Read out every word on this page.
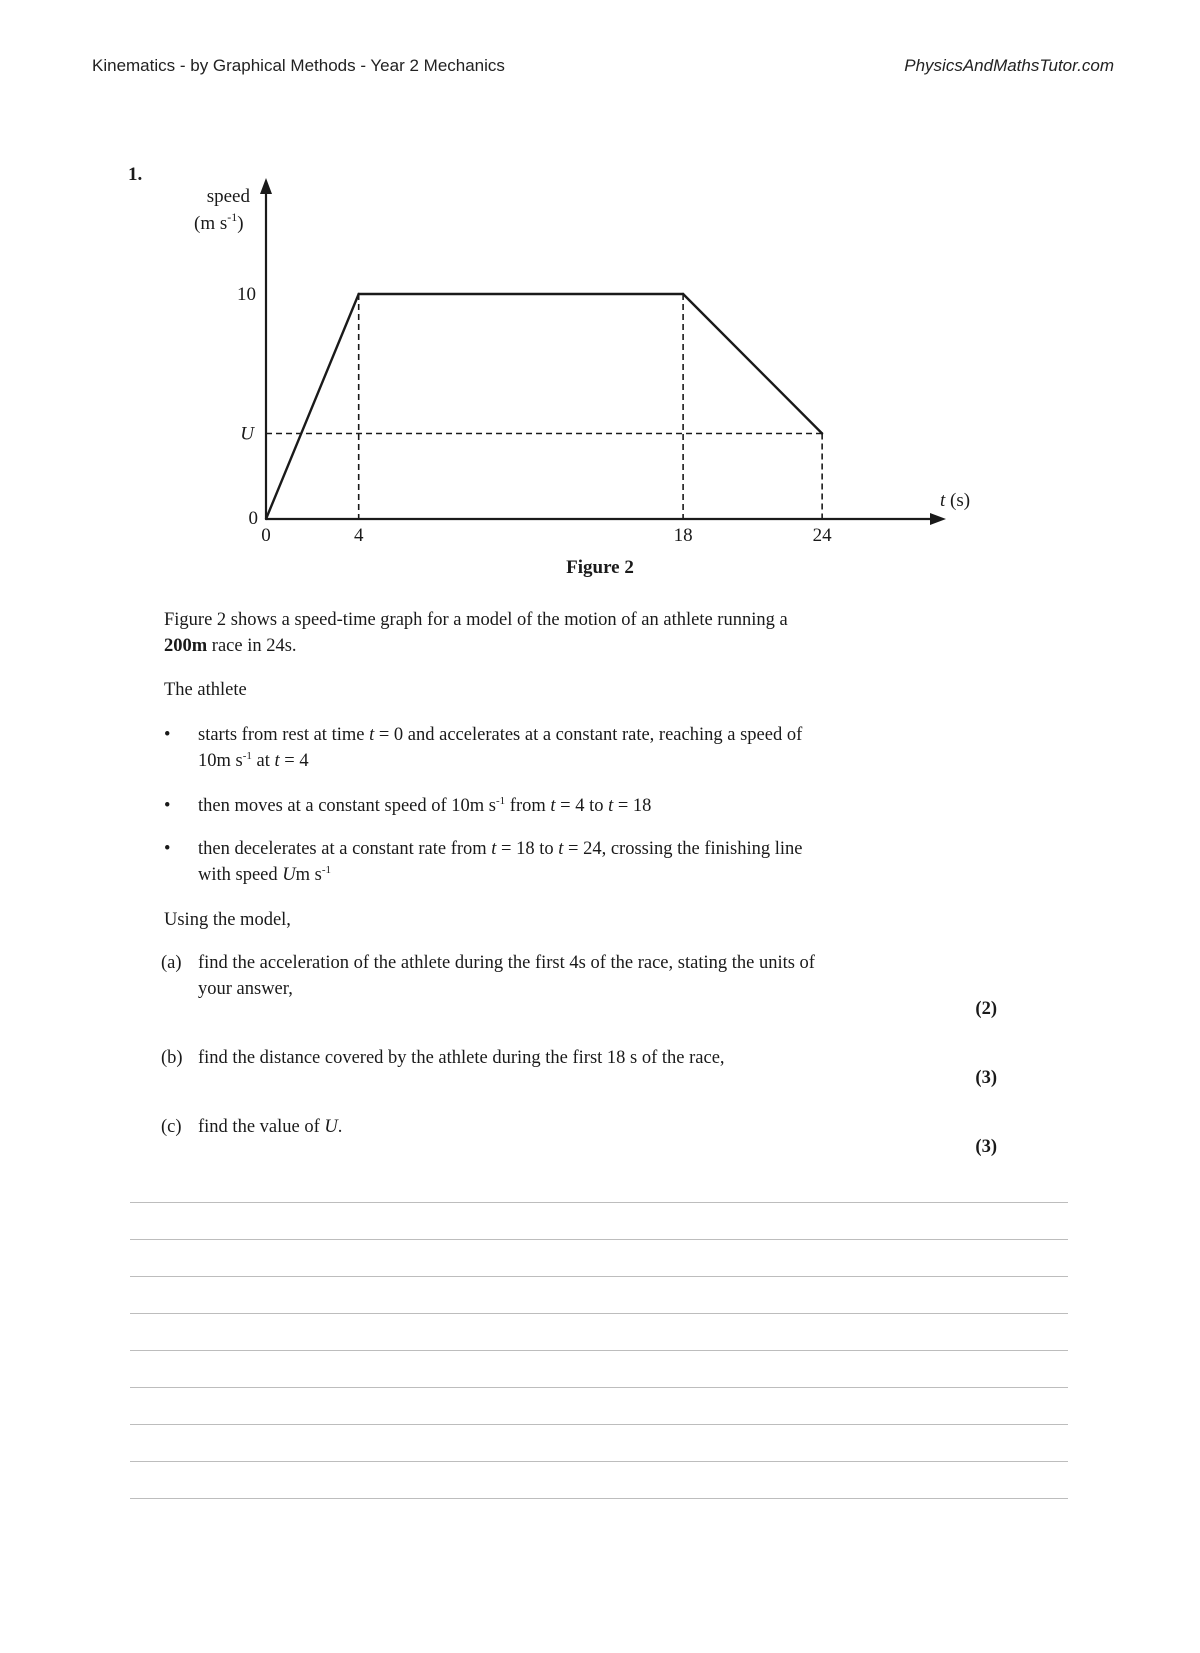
Kinematics - by Graphical Methods - Year 2 Mechanics	PhysicsAndMathsTutor.com
1.
0	4	18	24
0
10
U
speed
(m $s^{-1}$)
t (s)
Figure 2

Figure 2 shows a speed-time graph for a model of the motion of an athlete running a

200m race in 24s.

The athlete
• starts from rest at time t = 0 and accelerates at a constant rate, reaching a speed of
10m $s^{-1}$ at t = 4
• then moves at a constant speed of 10m $s^{-1}$ from t = 4 to t = 18
• then decelerates at a constant rate from t = 18 to t = 24, crossing the finishing line
with speed Um $s^{-1}$
Using the model,
(a) find the acceleration of the athlete during the first 4s of the race, stating the units of
your answer,
(2)
(b) find the distance covered by the athlete during the first 18 s of the race,
(3)
(c) find the value of U.
(3)
